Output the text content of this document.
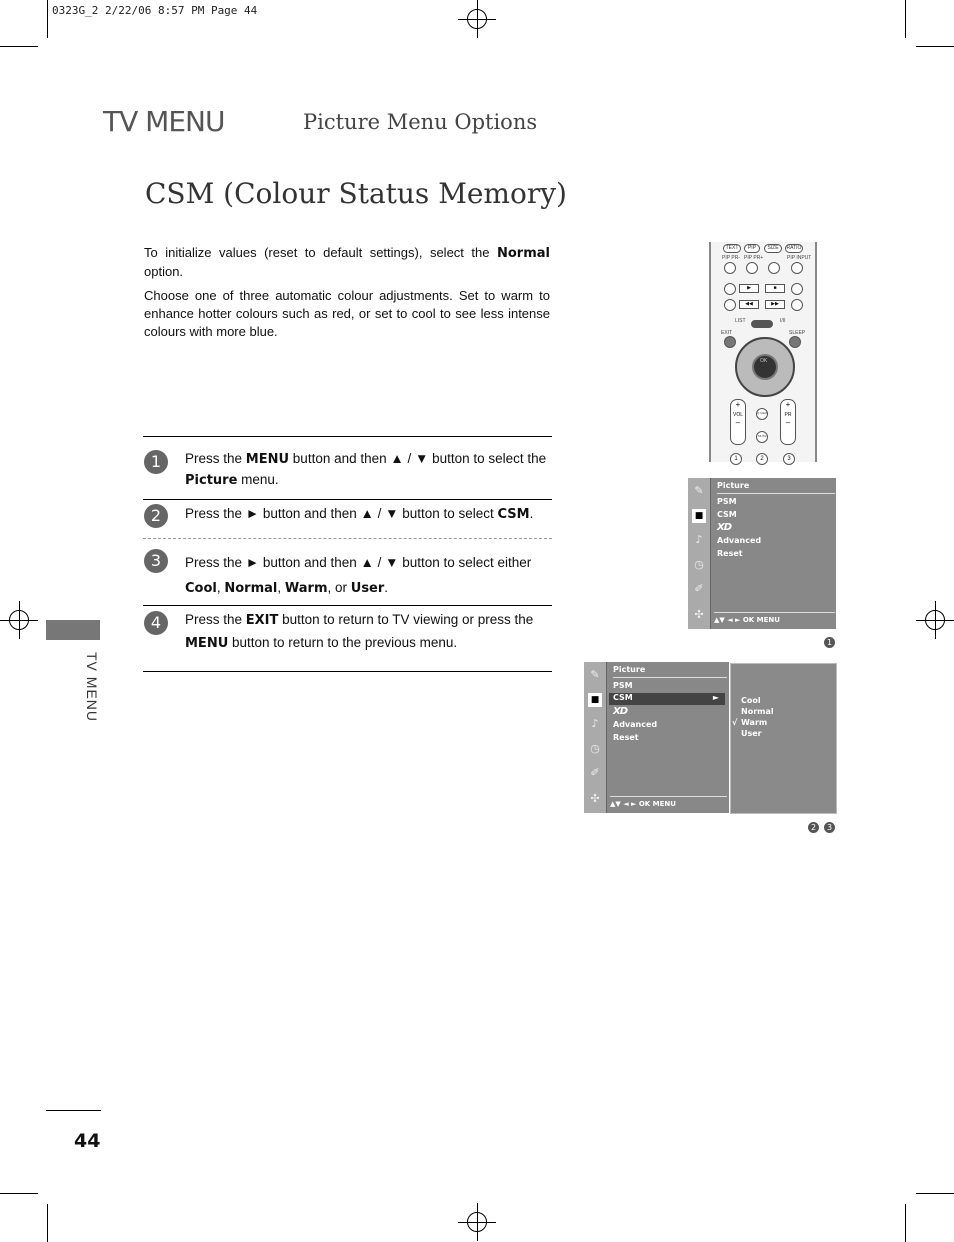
0323G_2 2/22/06 8:57 PM Page 44
TV MENU	Picture Menu Options
CSM (Colour Status Memory)
To initialize values (reset to default settings), select the Normal option.
Choose one of three automatic colour adjustments. Set to warm to enhance hotter colours such as red, or set to cool to see less intense colours with more blue.
1	Press the MENU button and then ▲ / ▼ button to select the Picture menu.
2	Press the ► button and then ▲ / ▼ button to select CSM.
3	Press the ► button and then ▲ / ▼ button to select either Cool, Normal, Warm, or User.
4	Press the EXIT button to return to TV viewing or press the MENU button to return to the previous menu.
TV MENU
TEXT	PIP	SIZE	RATIO
PIP PR- PIP PR+	PIP INPUT
▶	■
◀◀	▶▶
LIST	I/II
EXIT	SLEEP
OK
+
VOL
–
+
PR
–
Q.VIEW
MUTE
1	2	3
✎
■
♪
◷
✐
✣
Picture
PSM
CSM
XD
Advanced
Reset
▲▼ ◄ ► OK MENU
1
✎
■
♪
◷
✐
✣
Picture
PSM
CSM	►
XD
Advanced
Reset
▲▼ ◄ ► OK MENU
Cool
Normal
√ Warm
User
2	3
44
